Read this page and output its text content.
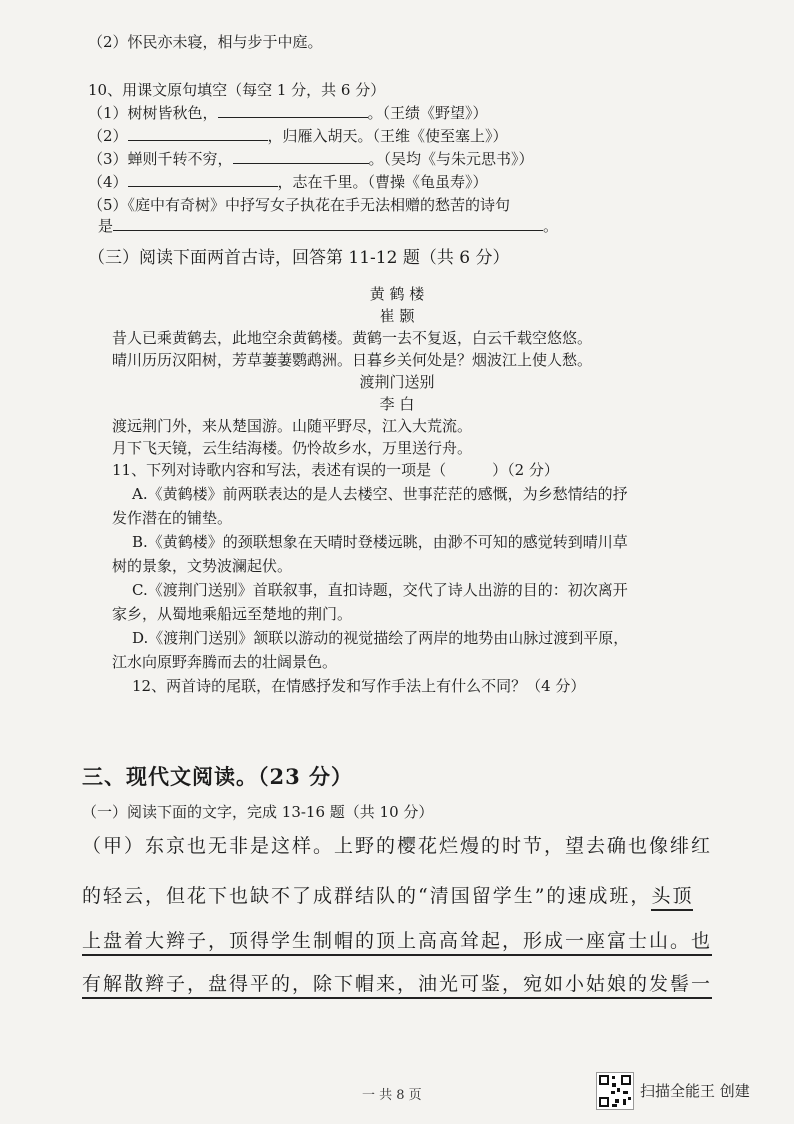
（2）怀民亦未寝，相与步于中庭。
10、用课文原句填空（每空 1 分，共 6 分）
（1）树树皆秋色，	。（王绩《野望》）
（2）	，归雁入胡天。（王维《使至塞上》）
（3）蝉则千转不穷，	。（吴均《与朱元思书》）
（4）	，志在千里。（曹操《龟虽寿》）
（5）《庭中有奇树》中抒写女子执花在手无法相赠的愁苦的诗句
是	。
（三）阅读下面两首古诗，回答第 11-12 题（共 6 分）
黄 鹤 楼
崔 颢
昔人已乘黄鹤去，此地空余黄鹤楼。黄鹤一去不复返，白云千载空悠悠。
晴川历历汉阳树，芳草萋萋鹦鹉洲。日暮乡关何处是？烟波江上使人愁。
渡荆门送别
李 白
渡远荆门外，来从楚国游。山随平野尽，江入大荒流。
月下飞天镜，云生结海楼。仍怜故乡水，万里送行舟。
11、下列对诗歌内容和写法，表述有误的一项是（	）（2 分）
A.《黄鹤楼》前两联表达的是人去楼空、世事茫茫的感慨，为乡愁情结的抒
发作潜在的铺垫。
B.《黄鹤楼》的颈联想象在天晴时登楼远眺，由渺不可知的感觉转到晴川草
树的景象，文势波澜起伏。
C.《渡荆门送别》首联叙事，直扣诗题，交代了诗人出游的目的：初次离开
家乡，从蜀地乘船远至楚地的荆门。
D.《渡荆门送别》颔联以游动的视觉描绘了两岸的地势由山脉过渡到平原，
江水向原野奔腾而去的壮阔景色。
12、两首诗的尾联，在情感抒发和写作手法上有什么不同？（4 分）
三、现代文阅读。（23 分）
（一）阅读下面的文字，完成 13-16 题（共 10 分）
（甲）东京也无非是这样。上野的樱花烂熳的时节，望去确也像绯红
的轻云，但花下也缺不了成群结队的“清国留学生”的速成班，头顶
上盘着大辫子，顶得学生制帽的顶上高高耸起，形成一座富士山。也
有解散辫子，盘得平的，除下帽来，油光可鉴，宛如小姑娘的发髻一
一 共 8 页	扫描全能王 创建
